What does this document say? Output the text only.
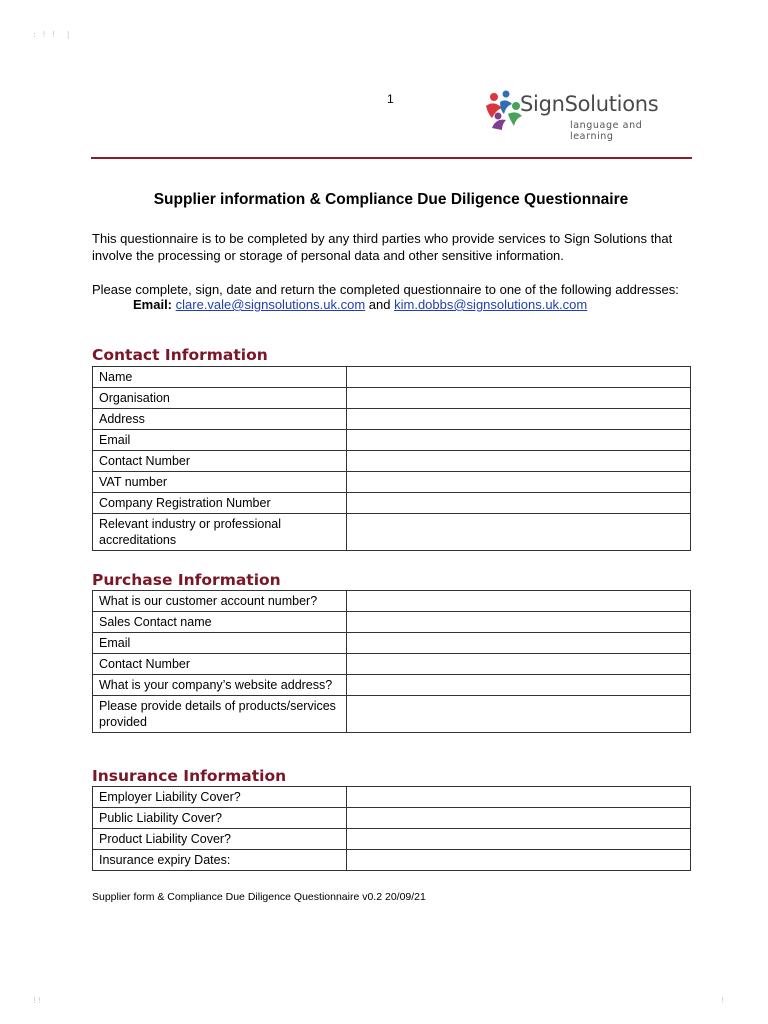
: ! !  |
!!	!
1	SignSolutions
language and learning
Supplier information & Compliance Due Diligence Questionnaire
This questionnaire is to be completed by any third parties who provide services to Sign Solutions that involve the processing or storage of personal data and other sensitive information.
Please complete, sign, date and return the completed questionnaire to one of the following addresses:
Email: clare.vale@signsolutions.uk.com and kim.dobbs@signsolutions.uk.com
Contact Information
Name	
Organisation	
Address	
Email	
Contact Number	
VAT number	
Company Registration Number	
Relevant industry or professional accreditations	
Purchase Information
What is our customer account number?	
Sales Contact name	
Email	
Contact Number	
What is your company’s website address?	
Please provide details of products/services provided	
Insurance Information
Employer Liability Cover?	
Public Liability Cover?	
Product Liability Cover?	
Insurance expiry Dates:	
Supplier form & Compliance Due Diligence Questionnaire v0.2 20/09/21
